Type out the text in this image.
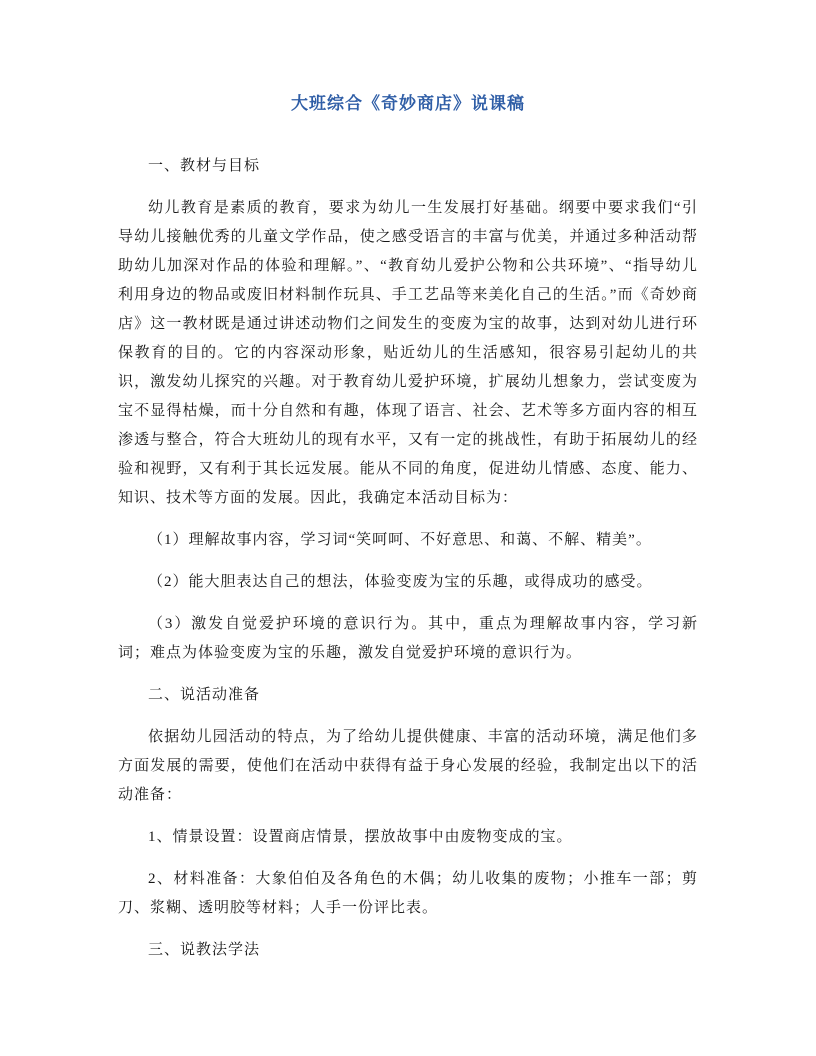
大班综合《奇妙商店》说课稿

一、教材与目标

幼儿教育是素质的教育，要求为幼儿一生发展打好基础。纲要中要求我们“引导幼儿接触优秀的儿童文学作品，使之感受语言的丰富与优美，并通过多种活动帮助幼儿加深对作品的体验和理解。”、“教育幼儿爱护公物和公共环境”、“指导幼儿利用身边的物品或废旧材料制作玩具、手工艺品等来美化自己的生活。”而《奇妙商店》这一教材既是通过讲述动物们之间发生的变废为宝的故事，达到对幼儿进行环保教育的目的。它的内容深动形象，贴近幼儿的生活感知，很容易引起幼儿的共识，激发幼儿探究的兴趣。对于教育幼儿爱护环境，扩展幼儿想象力，尝试变废为宝不显得枯燥，而十分自然和有趣，体现了语言、社会、艺术等多方面内容的相互渗透与整合，符合大班幼儿的现有水平，又有一定的挑战性，有助于拓展幼儿的经验和视野，又有利于其长远发展。能从不同的角度，促进幼儿情感、态度、能力、知识、技术等方面的发展。因此，我确定本活动目标为：

（1）理解故事内容，学习词“笑呵呵、不好意思、和蔼、不解、精美”。

（2）能大胆表达自己的想法，体验变废为宝的乐趣，或得成功的感受。

（3）激发自觉爱护环境的意识行为。其中，重点为理解故事内容，学习新词；难点为体验变废为宝的乐趣，激发自觉爱护环境的意识行为。

二、说活动准备

依据幼儿园活动的特点，为了给幼儿提供健康、丰富的活动环境，满足他们多方面发展的需要，使他们在活动中获得有益于身心发展的经验，我制定出以下的活动准备：

1、情景设置：设置商店情景，摆放故事中由废物变成的宝。

2、材料准备：大象伯伯及各角色的木偶；幼儿收集的废物；小推车一部；剪刀、浆糊、透明胶等材料；人手一份评比表。

三、说教法学法
